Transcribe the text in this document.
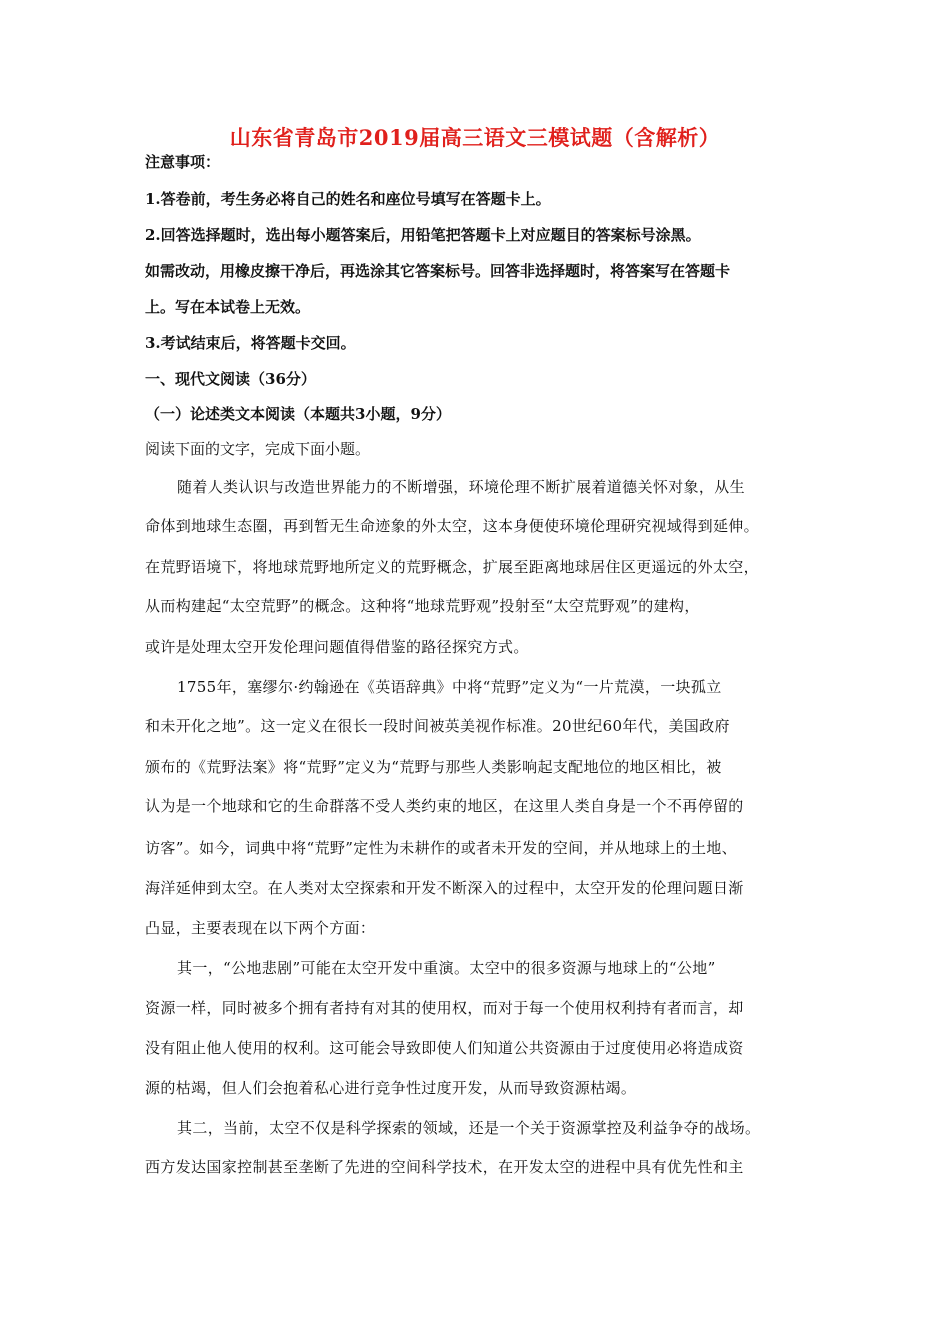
山东省青岛市2019届高三语文三模试题（含解析）
注意事项：
1.答卷前，考生务必将自己的姓名和座位号填写在答题卡上。
2.回答选择题时，选出每小题答案后，用铅笔把答题卡上对应题目的答案标号涂黑。
如需改动，用橡皮擦干净后，再选涂其它答案标号。回答非选择题时，将答案写在答题卡
上。写在本试卷上无效。
3.考试结束后，将答题卡交回。
一、现代文阅读（36分）
（一）论述类文本阅读（本题共3小题，9分）
阅读下面的文字，完成下面小题。
随着人类认识与改造世界能力的不断增强，环境伦理不断扩展着道德关怀对象，从生
命体到地球生态圈，再到暂无生命迹象的外太空，这本身便使环境伦理研究视域得到延伸。
在荒野语境下，将地球荒野地所定义的荒野概念，扩展至距离地球居住区更遥远的外太空，
从而构建起“太空荒野”的概念。这种将“地球荒野观”投射至“太空荒野观”的建构，
或许是处理太空开发伦理问题值得借鉴的路径探究方式。
1755年，塞缪尔·约翰逊在《英语辞典》中将“荒野”定义为“一片荒漠，一块孤立
和未开化之地”。这一定义在很长一段时间被英美视作标准。20世纪60年代，美国政府
颁布的《荒野法案》将“荒野”定义为“荒野与那些人类影响起支配地位的地区相比，被
认为是一个地球和它的生命群落不受人类约束的地区，在这里人类自身是一个不再停留的
访客”。如今，词典中将“荒野”定性为未耕作的或者未开发的空间，并从地球上的土地、
海洋延伸到太空。在人类对太空探索和开发不断深入的过程中，太空开发的伦理问题日渐
凸显，主要表现在以下两个方面：
其一，“公地悲剧”可能在太空开发中重演。太空中的很多资源与地球上的“公地”
资源一样，同时被多个拥有者持有对其的使用权，而对于每一个使用权利持有者而言，却
没有阻止他人使用的权利。这可能会导致即使人们知道公共资源由于过度使用必将造成资
源的枯竭，但人们会抱着私心进行竞争性过度开发，从而导致资源枯竭。
其二，当前，太空不仅是科学探索的领域，还是一个关于资源掌控及利益争夺的战场。
西方发达国家控制甚至垄断了先进的空间科学技术，在开发太空的进程中具有优先性和主
